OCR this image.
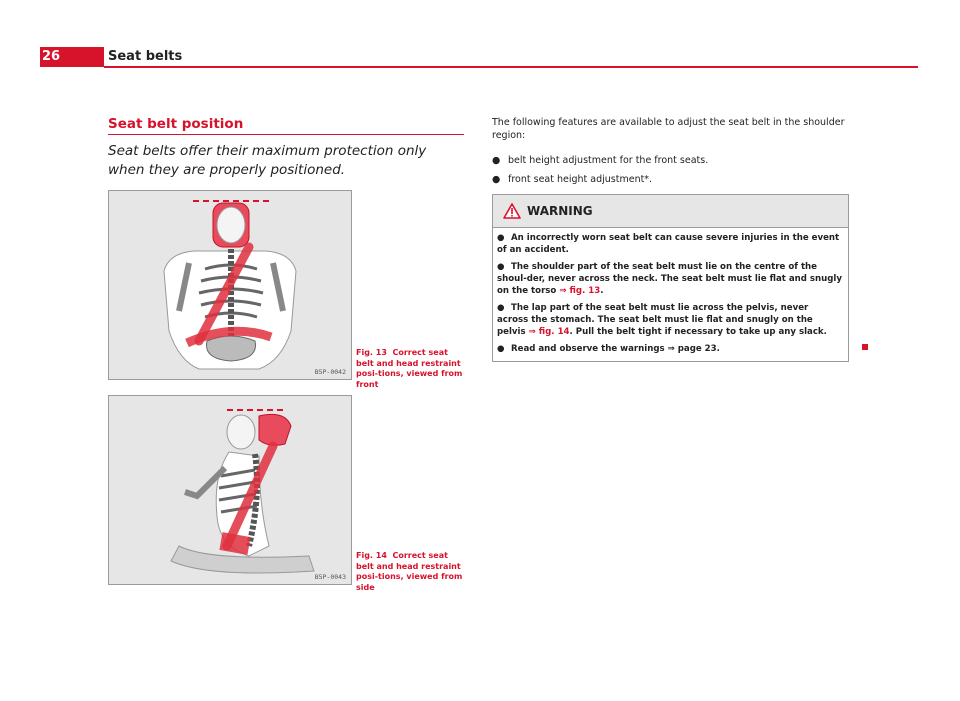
26	Seat belts
Seat belt position
Seat belts offer their maximum protection only when they are properly positioned.
B5P-0042
Fig. 13 Correct seat belt and head restraint posi-tions, viewed from front
B5P-0043
Fig. 14 Correct seat belt and head restraint posi-tions, viewed from side
The following features are available to adjust the seat belt in the shoulder region:
● belt height adjustment for the front seats.
● front seat height adjustment*.
WARNING
● An incorrectly worn seat belt can cause severe injuries in the event of an accident.
● The shoulder part of the seat belt must lie on the centre of the shoul-der, never across the neck. The seat belt must lie flat and snugly on the torso ⇒ fig. 13.
● The lap part of the seat belt must lie across the pelvis, never across the stomach. The seat belt must lie flat and snugly on the pelvis ⇒ fig. 14. Pull the belt tight if necessary to take up any slack.
● Read and observe the warnings ⇒ page 23.
